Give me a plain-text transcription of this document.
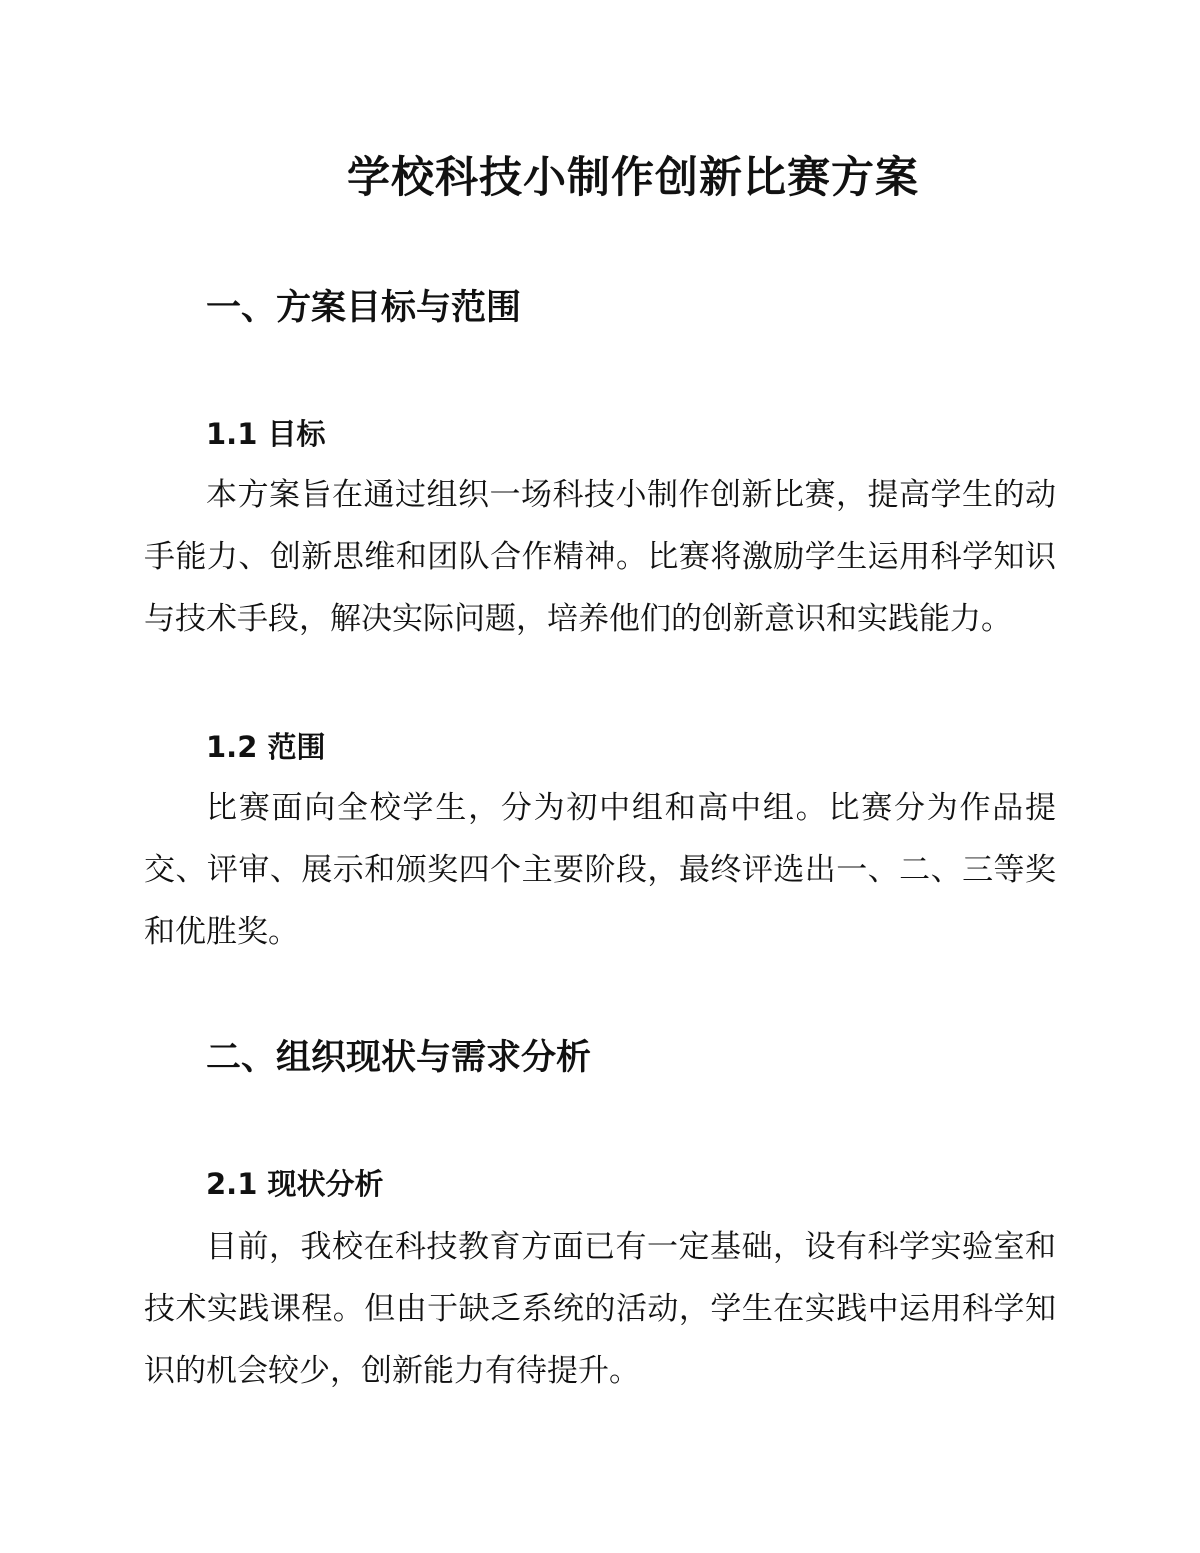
学校科技小制作创新比赛方案
一、方案目标与范围
1.1 目标

本方案旨在通过组织一场科技小制作创新比赛，提高学生的动手能力、创新思维和团队合作精神。比赛将激励学生运用科学知识与技术手段，解决实际问题，培养他们的创新意识和实践能力。

1.2 范围

比赛面向全校学生，分为初中组和高中组。比赛分为作品提交、评审、展示和颁奖四个主要阶段，最终评选出一、二、三等奖和优胜奖。

二、组织现状与需求分析
2.1 现状分析

目前，我校在科技教育方面已有一定基础，设有科学实验室和技术实践课程。但由于缺乏系统的活动，学生在实践中运用科学知识的机会较少，创新能力有待提升。
